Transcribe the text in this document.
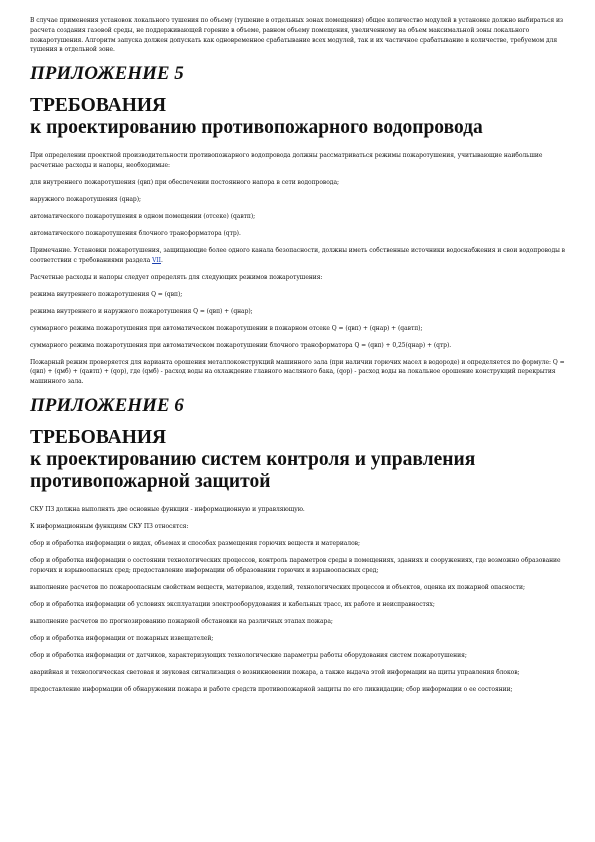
В случае применения установок локального тушения по объему (тушение в отдельных зонах помещения) общее количество модулей в установке должно выбираться из расчета создания газовой среды, не поддерживающей горение в объеме, равном объему помещения, увеличенному на объем максимальной зоны локального пожаротушения. Алгоритм запуска должен допускать как одновременное срабатывание всех модулей, так и их частичное срабатывание в количестве, требуемом для тушения в отдельной зоне.

ПРИЛОЖЕНИЕ 5
ТРЕБОВАНИЯ
к проектированию противопожарного водопровода

При определении проектной производительности противопожарного водопровода должны рассматриваться режимы пожаротушения, учитывающие наибольшие расчетные расходы и напоры, необходимые:

для внутреннего пожаротушения (qвп) при обеспечении постоянного напора в сети водопровода;

наружного пожаротушения (qнар);

автоматического пожаротушения в одном помещении (отсеке) (qавтп);

автоматического пожаротушения блочного трансформатора (qтр).

Примечание. Установки пожаротушения, защищающие более одного канала безопасности, должны иметь собственные источники водоснабжения и свои водопроводы в соответствии с требованиями раздела VII.

Расчетные расходы и напоры следует определять для следующих режимов пожаротушения:

режима внутреннего пожаротушения Q = (qвп);

режима внутреннего и наружного пожаротушения Q = (qвп) + (qнар);

суммарного режима пожаротушения при автоматическом пожаротушении в пожарном отсеке Q = (qвп) + (qнар) + (qавтп);

суммарного режима пожаротушения при автоматическом пожаротушении блочного трансформатора Q = (qвп) + 0,25(qнар) + (qтр).

Пожарный режим проверяется для варианта орошения металлоконструкций машинного зала (при наличии горючих масел в водороде) и определяется по формуле: Q = (qвп) + (qмб) + (qавтп) + (qор), где (qмб) - расход воды на охлаждение главного масляного бака, (qор) - расход воды на локальное орошение конструкций перекрытия машинного зала.

ПРИЛОЖЕНИЕ 6
ТРЕБОВАНИЯ
к проектированию систем контроля и управления
противопожарной защитой

СКУ ПЗ должна выполнять две основные функции - информационную и управляющую.

К информационным функциям СКУ ПЗ относятся:

сбор и обработка информации о видах, объемах и способах размещения горючих веществ и материалов;

сбор и обработка информации о состоянии технологических процессов, контроль параметров среды в помещениях, зданиях и сооружениях, где возможно образование горючих и взрывоопасных сред; предоставление информации об образовании горючих и взрывоопасных сред;

выполнение расчетов по пожароопасным свойствам веществ, материалов, изделий, технологических процессов и объектов, оценка их пожарной опасности;

сбор и обработка информации об условиях эксплуатации электрооборудования и кабельных трасс, их работе и неисправностях;

выполнение расчетов по прогнозированию пожарной обстановки на различных этапах пожара;

сбор и обработка информации от пожарных извещателей;

сбор и обработка информации от датчиков, характеризующих технологические параметры работы оборудования систем пожаротушения;

аварийная и технологическая световая и звуковая сигнализация о возникновении пожара, а также выдача этой информации на щиты управления блоков;

предоставление информации об обнаружении пожара и работе средств противопожарной защиты по его ликвидации; сбор информации о ее состоянии;
